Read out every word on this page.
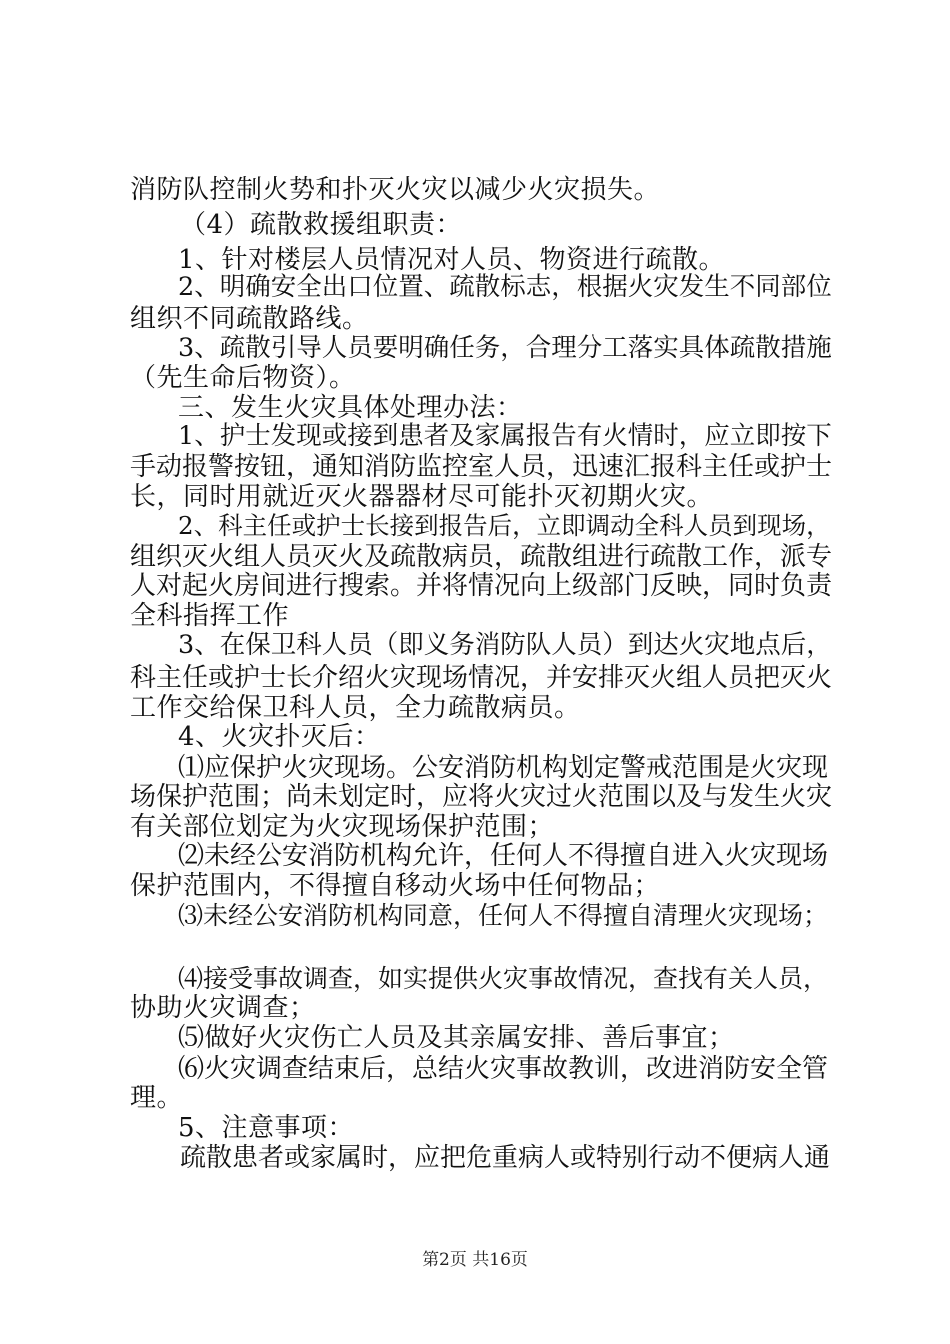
消防队控制火势和扑灭火灾以减少火灾损失。
（4）疏散救援组职责：
1、针对楼层人员情况对人员、物资进行疏散。
2、明确安全出口位置、疏散标志，根据火灾发生不同部位
组织不同疏散路线。
3、疏散引导人员要明确任务，合理分工落实具体疏散措施
（先生命后物资）。
三、发生火灾具体处理办法：
1、护士发现或接到患者及家属报告有火情时，应立即按下
手动报警按钮，通知消防监控室人员，迅速汇报科主任或护士
长，同时用就近灭火器器材尽可能扑灭初期火灾。
2、科主任或护士长接到报告后，立即调动全科人员到现场，
组织灭火组人员灭火及疏散病员，疏散组进行疏散工作，派专
人对起火房间进行搜索。并将情况向上级部门反映，同时负责
全科指挥工作
3、在保卫科人员（即义务消防队人员）到达火灾地点后，
科主任或护士长介绍火灾现场情况，并安排灭火组人员把灭火
工作交给保卫科人员，全力疏散病员。
4、火灾扑灭后：
⑴应保护火灾现场。公安消防机构划定警戒范围是火灾现
场保护范围；尚未划定时，应将火灾过火范围以及与发生火灾
有关部位划定为火灾现场保护范围；
⑵未经公安消防机构允许，任何人不得擅自进入火灾现场
保护范围内，不得擅自移动火场中任何物品；
⑶未经公安消防机构同意，任何人不得擅自清理火灾现场；
⑷接受事故调查，如实提供火灾事故情况，查找有关人员，
协助火灾调查；
⑸做好火灾伤亡人员及其亲属安排、善后事宜；
⑹火灾调查结束后，总结火灾事故教训，改进消防安全管
理。
5、注意事项：
疏散患者或家属时，应把危重病人或特别行动不便病人通
第2页 共16页
